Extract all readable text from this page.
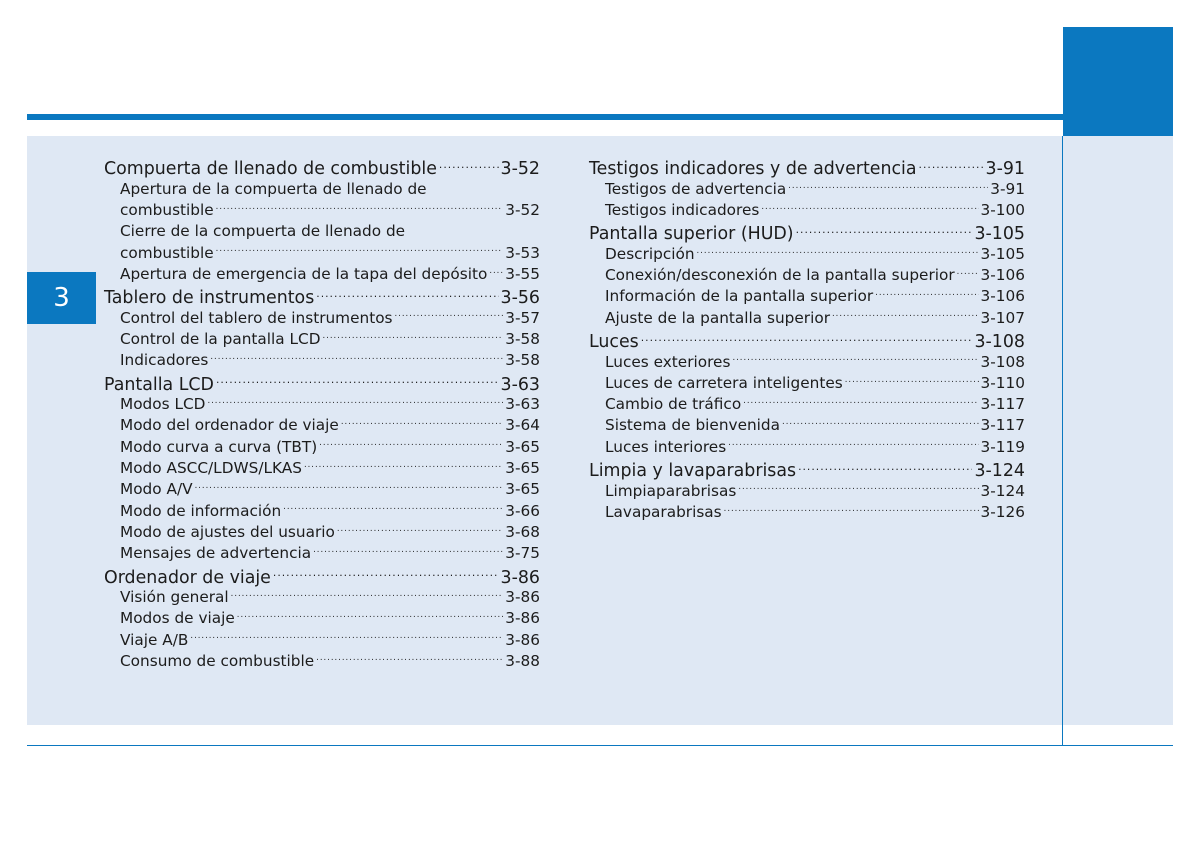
3
Compuerta de llenado de combustible .....	3-52
Apertura de la compuerta de llenado de
combustible .....	3-52
Cierre de la compuerta de llenado de
combustible .....	3-53
Apertura de emergencia de la tapa del depósito ..... 3-55
Tablero de instrumentos .....	3-56
Control del tablero de instrumentos .....	3-57
Control de la pantalla LCD .....	3-58
Indicadores .....	3-58
Pantalla LCD .....	3-63
Modos LCD .....	3-63
Modo del ordenador de viaje .....	3-64
Modo curva a curva (TBT) .....	3-65
Modo ASCC/LDWS/LKAS .....	3-65
Modo A/V .....	3-65
Modo de información .....	3-66
Modo de ajustes del usuario .....	3-68
Mensajes de advertencia .....	3-75
Ordenador de viaje .....	3-86
Visión general .....	3-86
Modos de viaje .....	3-86
Viaje A/B .....	3-86
Consumo de combustible .....	3-88
Testigos indicadores y de advertencia .....	3-91
Testigos de advertencia .....	3-91
Testigos indicadores .....	3-100
Pantalla superior (HUD) .....	3-105
Descripción .....	3-105
Conexión/desconexión de la pantalla superior ..... 3-106
Información de la pantalla superior .....	3-106
Ajuste de la pantalla superior .....	3-107
Luces .....	3-108
Luces exteriores .....	3-108
Luces de carretera inteligentes .....	3-110
Cambio de tráfico .....	3-117
Sistema de bienvenida .....	3-117
Luces interiores .....	3-119
Limpia y lavaparabrisas .....	3-124
Limpiaparabrisas .....	3-124
Lavaparabrisas .....	3-126
